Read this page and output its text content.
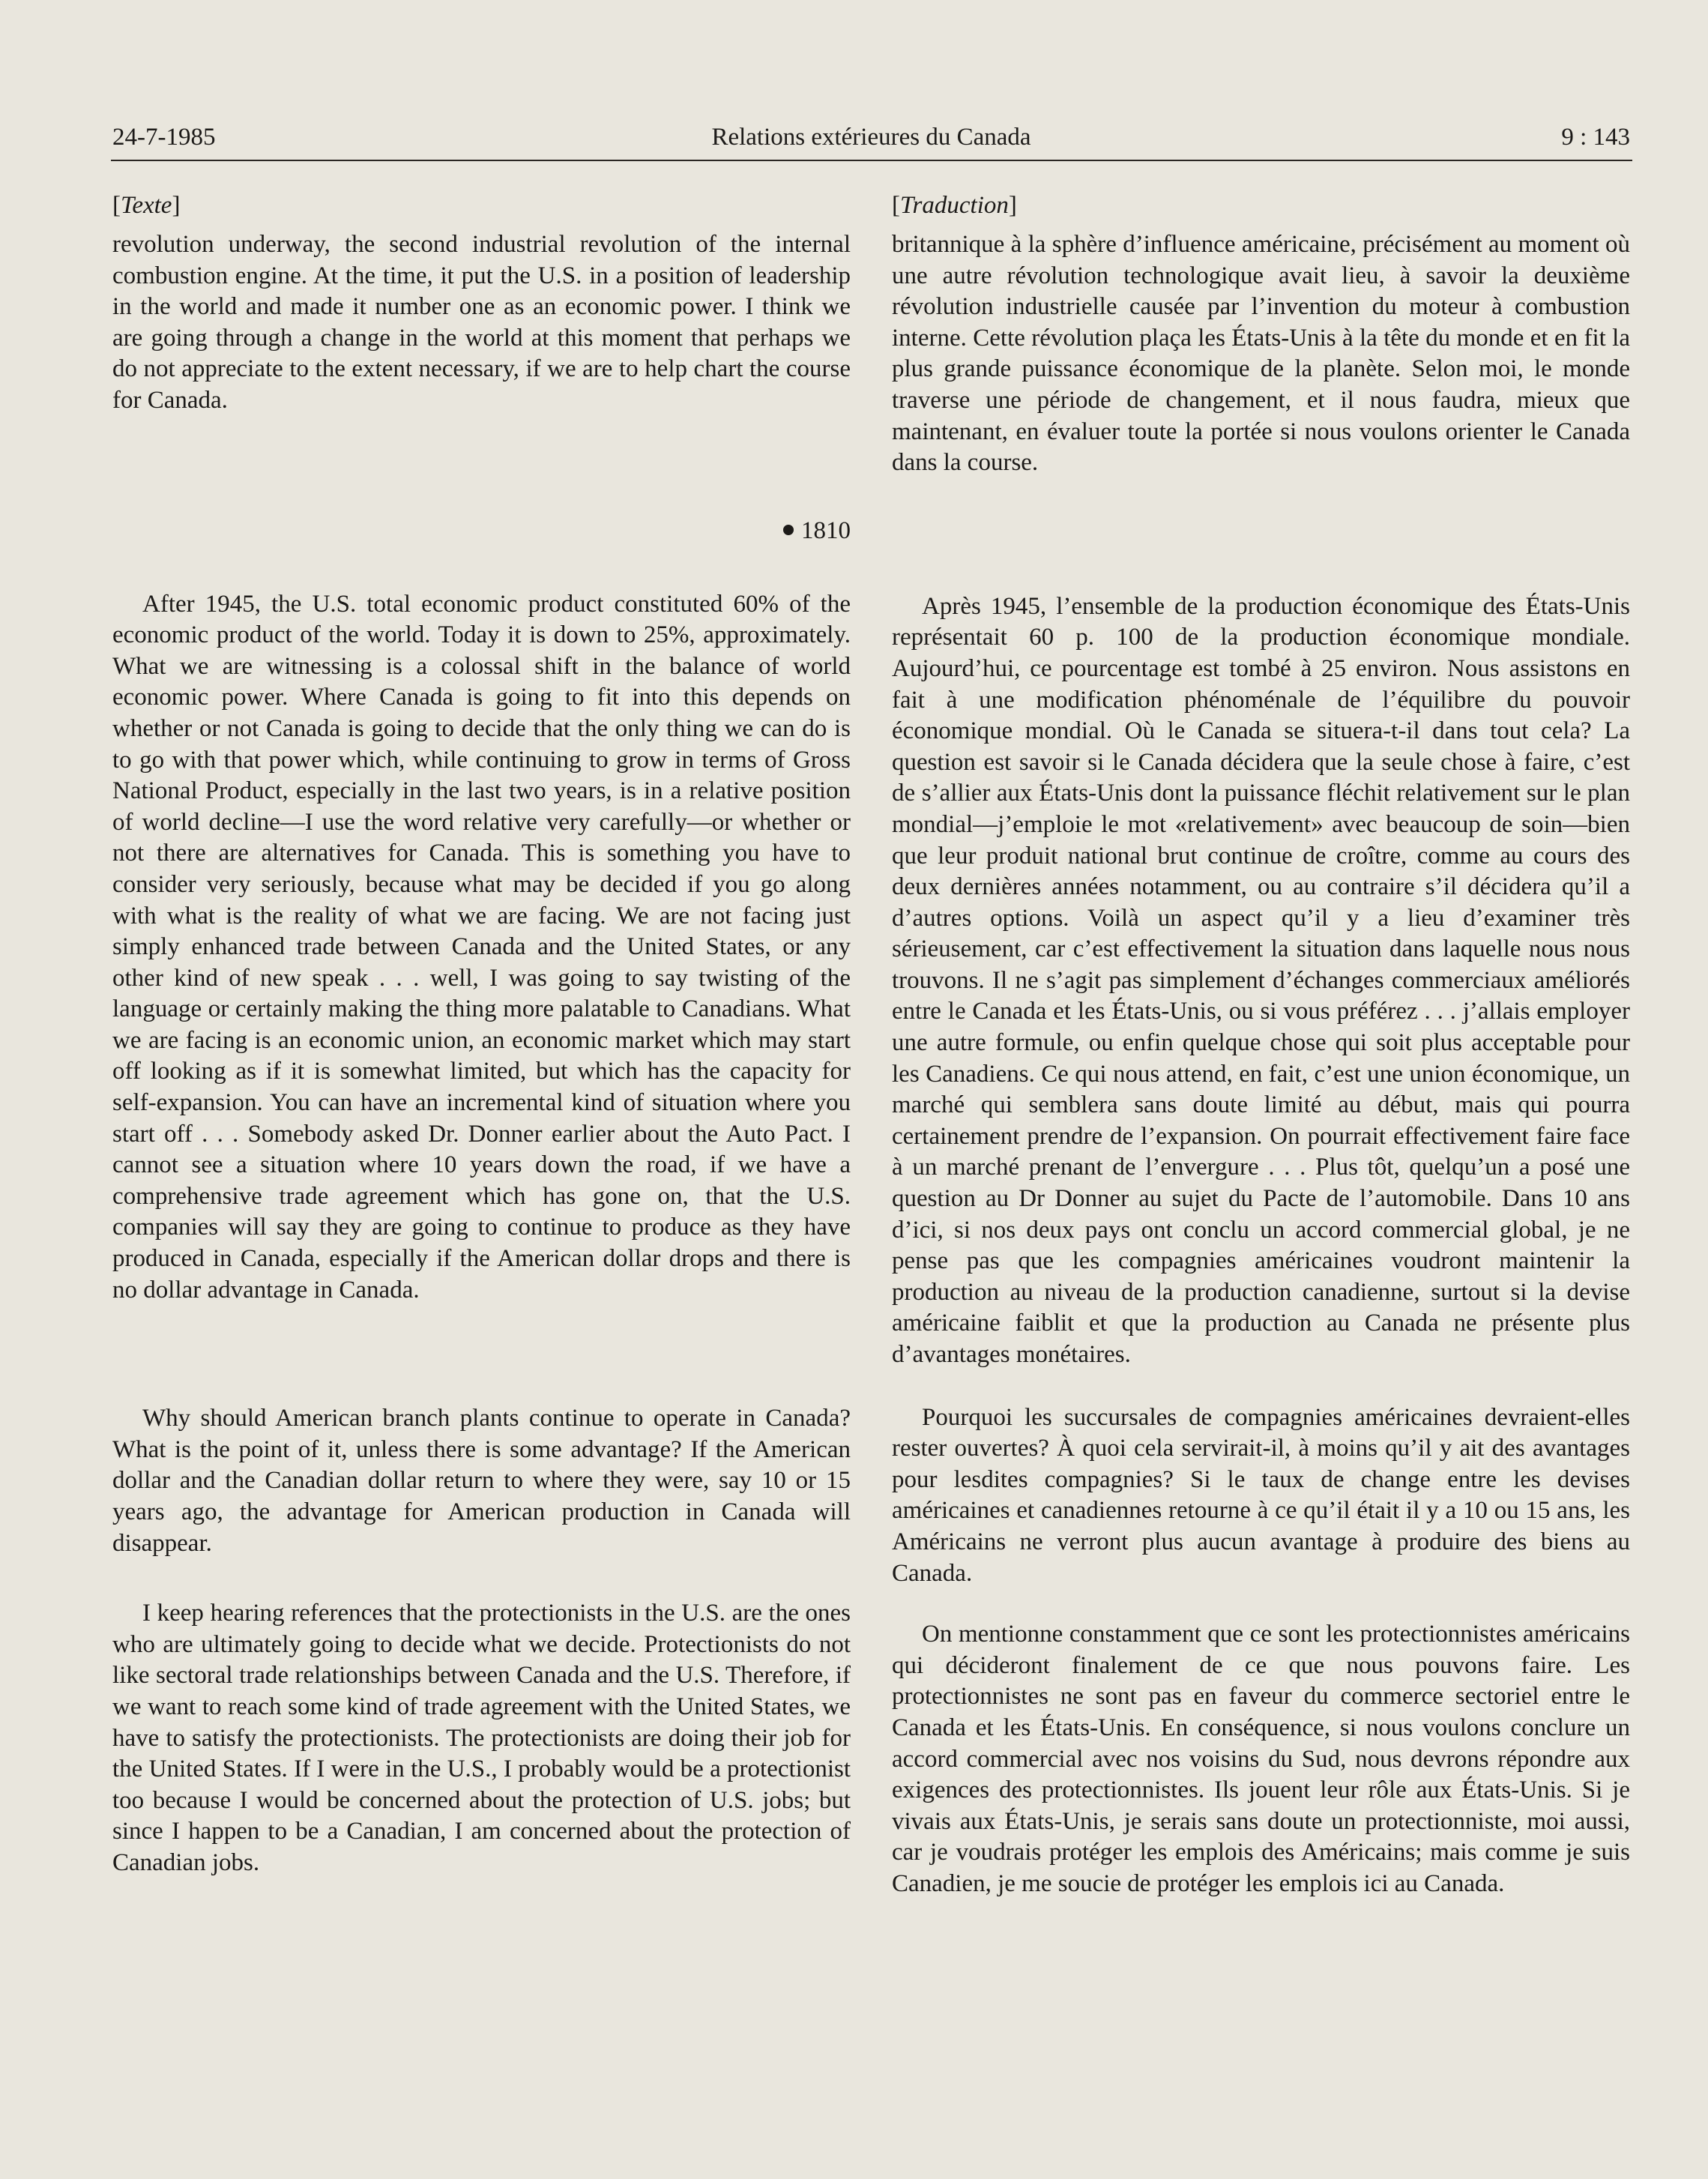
24-7-1985	Relations extérieures du Canada	9 : 143
[Texte]

revolution underway, the second industrial revolution of the internal combustion engine. At the time, it put the U.S. in a position of leadership in the world and made it number one as an economic power. I think we are going through a change in the world at this moment that perhaps we do not appreciate to the extent necessary, if we are to help chart the course for Canada.

1810

After 1945, the U.S. total economic product constituted 60% of the economic product of the world. Today it is down to 25%, approximately. What we are witnessing is a colossal shift in the balance of world economic power. Where Canada is going to fit into this depends on whether or not Canada is going to decide that the only thing we can do is to go with that power which, while continuing to grow in terms of Gross National Product, especially in the last two years, is in a relative position of world decline—I use the word relative very carefully—or whether or not there are alternatives for Canada. This is something you have to consider very seriously, because what may be decided if you go along with what is the reality of what we are facing. We are not facing just simply enhanced trade between Canada and the United States, or any other kind of new speak . . . well, I was going to say twisting of the language or certainly making the thing more palatable to Canadians. What we are facing is an economic union, an economic market which may start off looking as if it is somewhat limited, but which has the capacity for self-expansion. You can have an incremental kind of situation where you start off . . . Somebody asked Dr. Donner earlier about the Auto Pact. I cannot see a situation where 10 years down the road, if we have a comprehensive trade agreement which has gone on, that the U.S. companies will say they are going to continue to produce as they have produced in Canada, especially if the American dollar drops and there is no dollar advantage in Canada.

Why should American branch plants continue to operate in Canada? What is the point of it, unless there is some advantage? If the American dollar and the Canadian dollar return to where they were, say 10 or 15 years ago, the advantage for American production in Canada will disappear.

I keep hearing references that the protectionists in the U.S. are the ones who are ultimately going to decide what we decide. Protectionists do not like sectoral trade relationships between Canada and the U.S. Therefore, if we want to reach some kind of trade agreement with the United States, we have to satisfy the protectionists. The protectionists are doing their job for the United States. If I were in the U.S., I probably would be a protectionist too because I would be concerned about the protection of U.S. jobs; but since I happen to be a Canadian, I am concerned about the protection of Canadian jobs.

[Traduction]

britannique à la sphère d’influence américaine, précisément au moment où une autre révolution technologique avait lieu, à savoir la deuxième révolution industrielle causée par l’invention du moteur à combustion interne. Cette révolution plaça les États-Unis à la tête du monde et en fit la plus grande puissance économique de la planète. Selon moi, le monde traverse une période de changement, et il nous faudra, mieux que maintenant, en évaluer toute la portée si nous voulons orienter le Canada dans la course.

Après 1945, l’ensemble de la production économique des États-Unis représentait 60 p. 100 de la production économique mondiale. Aujourd’hui, ce pourcentage est tombé à 25 environ. Nous assistons en fait à une modification phénoménale de l’équilibre du pouvoir économique mondial. Où le Canada se situera-t-il dans tout cela? La question est savoir si le Canada décidera que la seule chose à faire, c’est de s’allier aux États-Unis dont la puissance fléchit relativement sur le plan mondial—j’emploie le mot «relativement» avec beaucoup de soin—bien que leur produit national brut continue de croître, comme au cours des deux dernières années notamment, ou au contraire s’il décidera qu’il a d’autres options. Voilà un aspect qu’il y a lieu d’examiner très sérieusement, car c’est effectivement la situation dans laquelle nous nous trouvons. Il ne s’agit pas simplement d’échanges commerciaux améliorés entre le Canada et les États-Unis, ou si vous préférez . . . j’allais employer une autre formule, ou enfin quelque chose qui soit plus acceptable pour les Canadiens. Ce qui nous attend, en fait, c’est une union économique, un marché qui semblera sans doute limité au début, mais qui pourra certainement prendre de l’expansion. On pourrait effectivement faire face à un marché prenant de l’envergure . . . Plus tôt, quelqu’un a posé une question au Dr Donner au sujet du Pacte de l’automobile. Dans 10 ans d’ici, si nos deux pays ont conclu un accord commercial global, je ne pense pas que les compagnies américaines voudront maintenir la production au niveau de la production canadienne, surtout si la devise américaine faiblit et que la production au Canada ne présente plus d’avantages monétaires.

Pourquoi les succursales de compagnies américaines devraient-elles rester ouvertes? À quoi cela servirait-il, à moins qu’il y ait des avantages pour lesdites compagnies? Si le taux de change entre les devises américaines et canadiennes retourne à ce qu’il était il y a 10 ou 15 ans, les Américains ne verront plus aucun avantage à produire des biens au Canada.

On mentionne constamment que ce sont les protectionnistes américains qui décideront finalement de ce que nous pouvons faire. Les protectionnistes ne sont pas en faveur du commerce sectoriel entre le Canada et les États-Unis. En conséquence, si nous voulons conclure un accord commercial avec nos voisins du Sud, nous devrons répondre aux exigences des protectionnistes. Ils jouent leur rôle aux États-Unis. Si je vivais aux États-Unis, je serais sans doute un protectionniste, moi aussi, car je voudrais protéger les emplois des Américains; mais comme je suis Canadien, je me soucie de protéger les emplois ici au Canada.
